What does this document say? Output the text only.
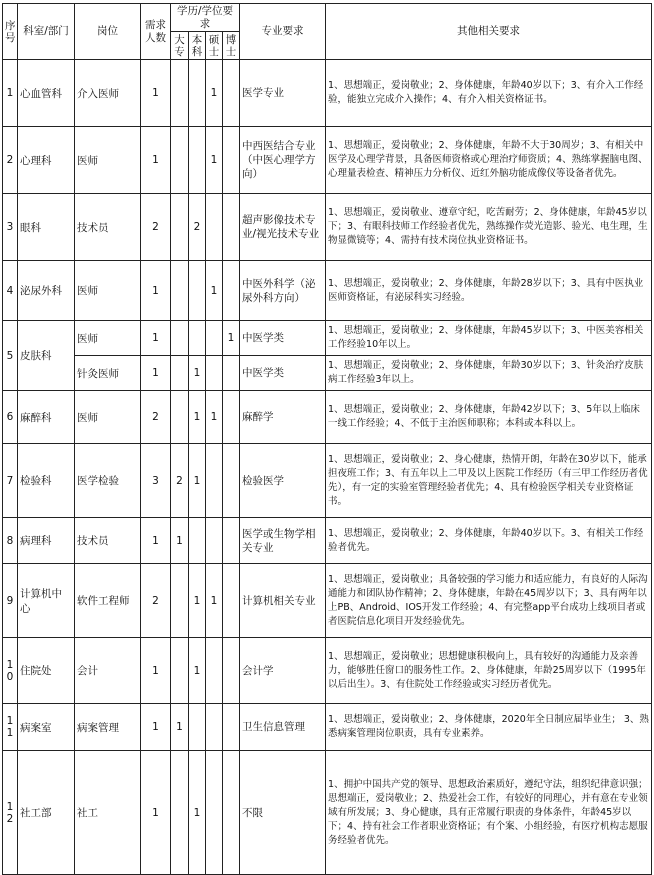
序号	科室/部门	岗位	需求人数	学历/学位要求				专业要求	其他相关要求
				大专	本科	硕士	博士		
1	心血管科	介入医师	1			1		医学专业	1、思想端正，爱岗敬业；2、身体健康，年龄40岁以下；3、有介入工作经验，能独立完成介入操作；4、有介入相关资格证书。
2	心理科	医师	1			1		中西医结合专业（中医心理学方向）	1、思想端正，爱岗敬业；2、身体健康，年龄不大于30周岁；3、有相关中医学及心理学背景，具备医师资格或心理治疗师资质；4、熟练掌握脑电图、心理量表检查、精神压力分析仪、近红外脑功能成像仪等设备者优先。
3	眼科	技术员	2		2			超声影像技术专业/视光技术专业	1、思想端正，爱岗敬业、遵章守纪，吃苦耐劳；2、身体健康，年龄45岁以下；3、有眼科技师工作经验者优先，熟练操作荧光造影、验光、电生理，生物显微镜等；4、需持有技术岗位执业资格证书。
4	泌尿外科	医师	1			1		中医外科学（泌尿外科方向）	1、思想端正，爱岗敬业；2、身体健康，年龄28岁以下；3、具有中医执业医师资格证，有泌尿科实习经验。
5	皮肤科	医师	1				1	中医学类	1、思想端正，爱岗敬业；2、身体健康，年龄45岁以下；3、中医美容相关工作经验10年以上。
		针灸医师	1		1			中医学类	1、思想端正，爱岗敬业；2、身体健康，年龄30岁以下；3、针灸治疗皮肤病工作经验3年以上。
6	麻醉科	医师	2		1	1		麻醉学	1、思想端正，爱岗敬业；2、身体健康，年龄42岁以下；3、5年以上临床一线工作经验；4、不低于主治医师职称；本科或本科以上。
7	检验科	医学检验	3	2	1			检验医学	1、思想端正，爱岗敬业；2、身心健康，热情开朗，年龄在30岁以下，能承担夜班工作；3、有五年以上二甲及以上医院工作经历（有三甲工作经历者优先），有一定的实验室管理经验者优先；4、具有检验医学相关专业资格证书。
8	病理科	技术员	1	1				医学或生物学相关专业	1、思想端正，爱岗敬业；2、身体健康，年龄40岁以下。3、有相关工作经验者优先。
9	计算机中心	软件工程师	2		1	1		计算机相关专业	1、思想端正，爱岗敬业；具备较强的学习能力和适应能力，有良好的人际沟通能力和团队协作精神；2、身体健康，年龄在45周岁以下；3、具有两年以上PB、Android、IOS开发工作经验；4、有完整app平台成功上线项目者或者医院信息化项目开发经验优先。
10	住院处	会计	1		1			会计学	1、思想端正，爱岗敬业；思想健康积极向上，具有较好的沟通能力及亲善力，能够胜任窗口的服务性工作。2、身体健康，年龄25周岁以下（1995年以后出生）。3、有住院处工作经验或实习经历者优先。
11	病案室	病案管理	1	1				卫生信息管理	1、思想端正，爱岗敬业；2、身体健康，2020年全日制应届毕业生； 3、熟悉病案管理岗位职责，具有专业素养。
12	社工部	社工	1		1			不限	1、拥护中国共产党的领导、思想政治素质好，遵纪守法，组织纪律意识强；思想端正，爱岗敬业；2、热爱社会工作，有较好的同理心，并有意在专业领域有所发展；3、身心健康，具有正常履行职责的身体条件，年龄45岁以下；4、持有社会工作者职业资格证；有个案、小组经验，有医疗机构志愿服务经验者优先。
